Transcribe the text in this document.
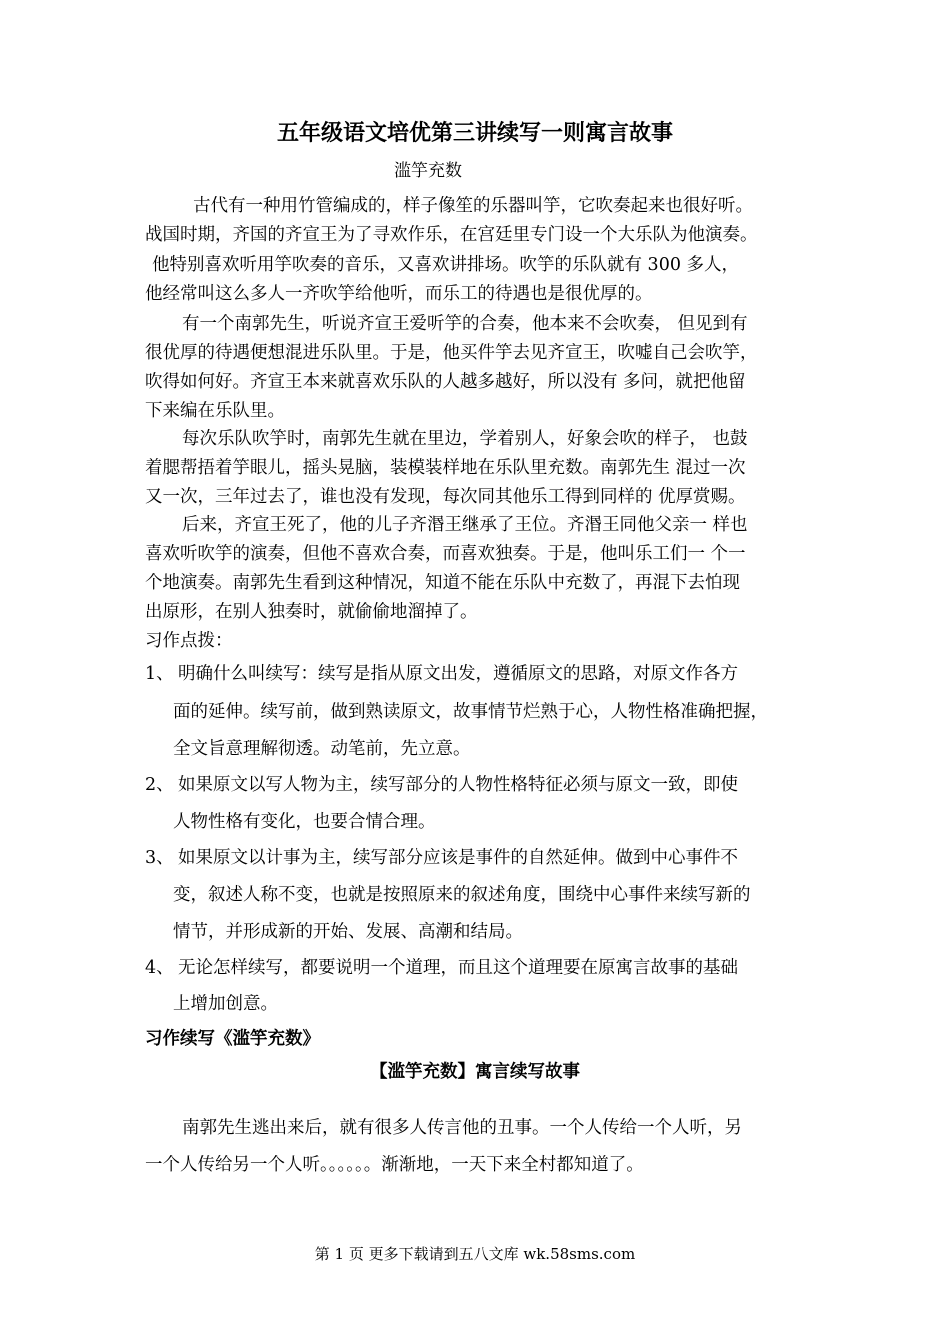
五年级语文培优第三讲续写一则寓言故事
滥竽充数
古代有一种用竹管编成的，样子像笙的乐器叫竽，它吹奏起来也很好听。
战国时期，齐国的齐宣王为了寻欢作乐，在宫廷里专门设一个大乐队为他演奏。
他特别喜欢听用竽吹奏的音乐，又喜欢讲排场。吹竽的乐队就有 300 多人，
他经常叫这么多人一齐吹竽给他听，而乐工的待遇也是很优厚的。
有一个南郭先生，听说齐宣王爱听竽的合奏，他本来不会吹奏， 但见到有
很优厚的待遇便想混进乐队里。于是，他买件竽去见齐宣王，吹嘘自己会吹竽，
吹得如何好。齐宣王本来就喜欢乐队的人越多越好，所以没有 多问，就把他留
下来编在乐队里。
每次乐队吹竽时，南郭先生就在里边，学着别人，好象会吹的样子， 也鼓
着腮帮捂着竽眼儿，摇头晃脑，装模装样地在乐队里充数。南郭先生 混过一次
又一次，三年过去了，谁也没有发现，每次同其他乐工得到同样的 优厚赏赐。
后来，齐宣王死了，他的儿子齐湣王继承了王位。齐湣王同他父亲一 样也
喜欢听吹竽的演奏，但他不喜欢合奏，而喜欢独奏。于是，他叫乐工们一 个一
个地演奏。南郭先生看到这种情况，知道不能在乐队中充数了，再混下去怕现
出原形，在别人独奏时，就偷偷地溜掉了。
习作点拨：
1、 明确什么叫续写：续写是指从原文出发，遵循原文的思路，对原文作各方
面的延伸。续写前，做到熟读原文，故事情节烂熟于心，人物性格准确把握，
全文旨意理解彻透。动笔前，先立意。
2、 如果原文以写人物为主，续写部分的人物性格特征必须与原文一致，即使
人物性格有变化，也要合情合理。
3、 如果原文以计事为主，续写部分应该是事件的自然延伸。做到中心事件不
变，叙述人称不变，也就是按照原来的叙述角度，围绕中心事件来续写新的
情节，并形成新的开始、发展、高潮和结局。
4、 无论怎样续写，都要说明一个道理，而且这个道理要在原寓言故事的基础
上增加创意。
习作续写《滥竽充数》
【滥竽充数】寓言续写故事
南郭先生逃出来后，就有很多人传言他的丑事。一个人传给一个人听，另
一个人传给另一个人听。。。。。。渐渐地，一天下来全村都知道了。
第 1 页 更多下载请到五八文库 wk.58sms.com
